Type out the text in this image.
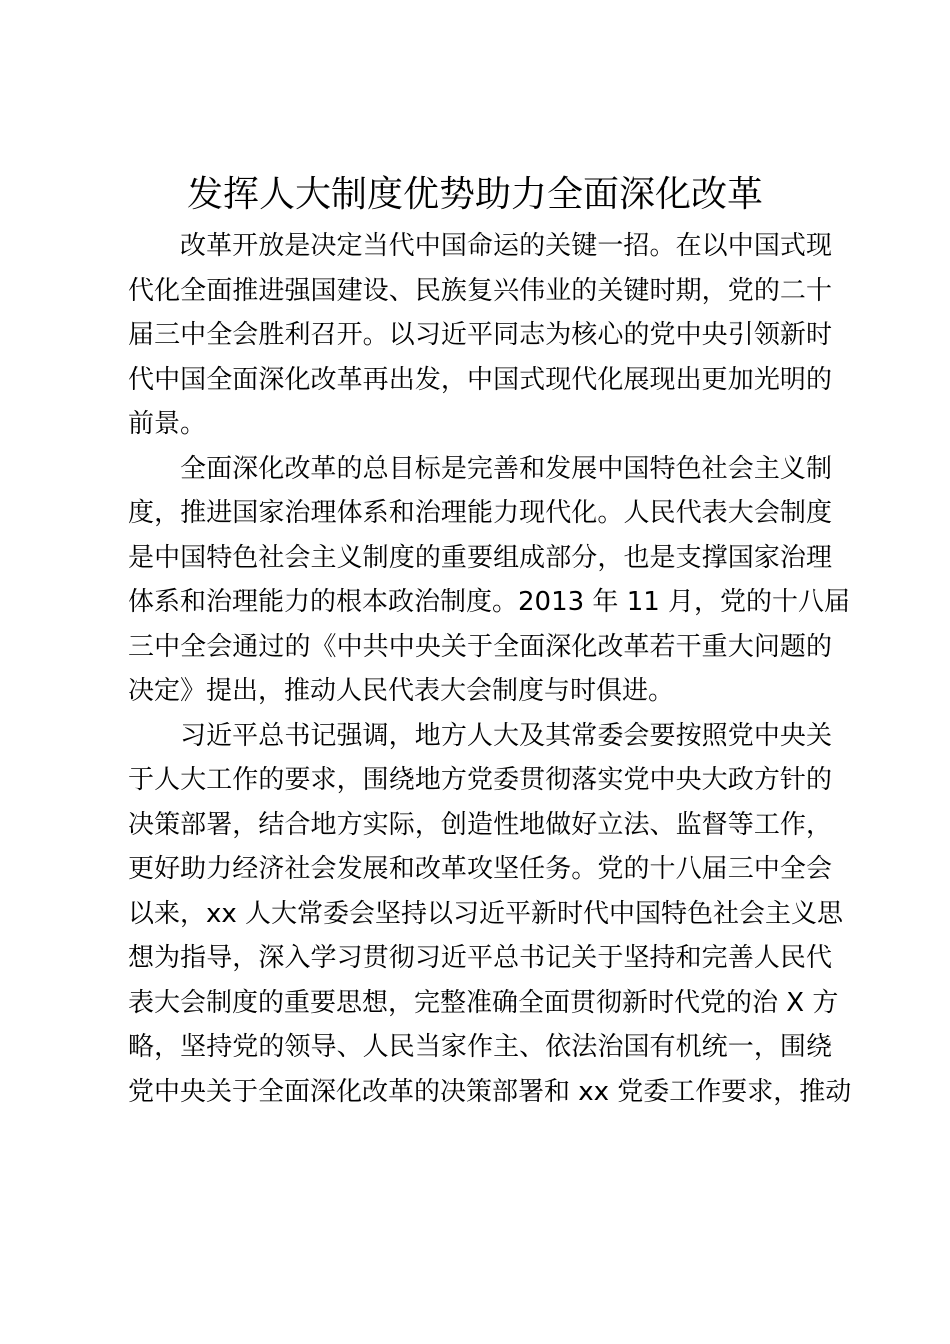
发挥人大制度优势助力全面深化改革
改革开放是决定当代中国命运的关键一招。在以中国式现
代化全面推进强国建设、民族复兴伟业的关键时期，党的二十
届三中全会胜利召开。以习近平同志为核心的党中央引领新时
代中国全面深化改革再出发，中国式现代化展现出更加光明的
前景。
全面深化改革的总目标是完善和发展中国特色社会主义制
度，推进国家治理体系和治理能力现代化。人民代表大会制度
是中国特色社会主义制度的重要组成部分，也是支撑国家治理
体系和治理能力的根本政治制度。2013 年 11 月，党的十八届
三中全会通过的《中共中央关于全面深化改革若干重大问题的
决定》提出，推动人民代表大会制度与时俱进。
习近平总书记强调，地方人大及其常委会要按照党中央关
于人大工作的要求，围绕地方党委贯彻落实党中央大政方针的
决策部署，结合地方实际，创造性地做好立法、监督等工作，
更好助力经济社会发展和改革攻坚任务。党的十八届三中全会
以来，xx 人大常委会坚持以习近平新时代中国特色社会主义思
想为指导，深入学习贯彻习近平总书记关于坚持和完善人民代
表大会制度的重要思想，完整准确全面贯彻新时代党的治 X 方
略，坚持党的领导、人民当家作主、依法治国有机统一，围绕
党中央关于全面深化改革的决策部署和 xx 党委工作要求，推动
